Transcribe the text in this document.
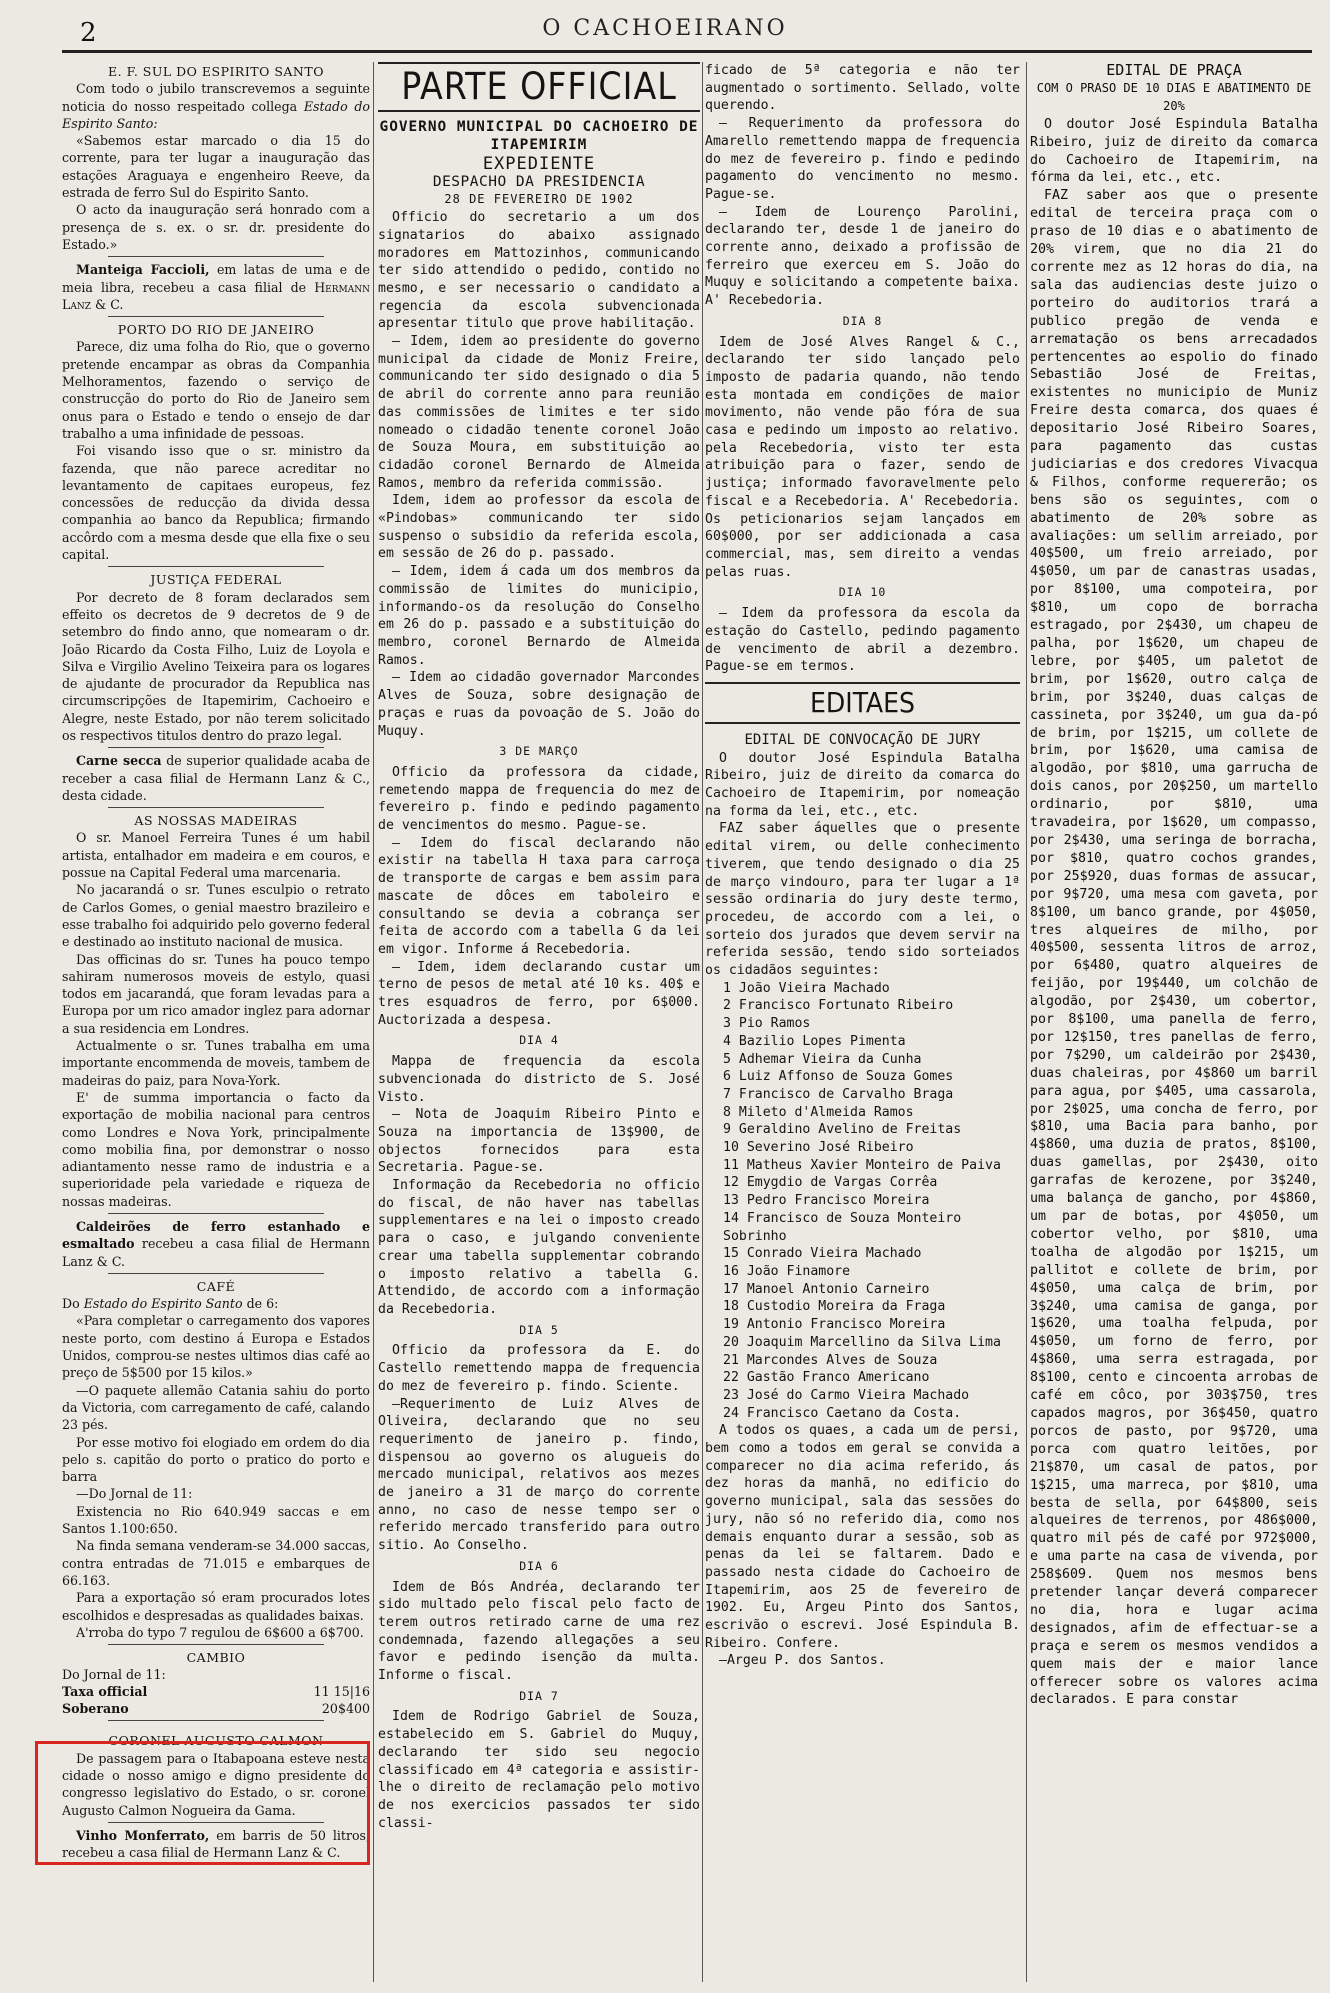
2	O CACHOEIRANO
E. F. SUL DO ESPIRITO SANTO
Com todo o jubilo transcrevemos a seguinte noticia do nosso respeitado collega Estado do Espirito Santo:
«Sabemos estar marcado o dia 15 do corrente, para ter lugar a inauguração das estações Araguaya e engenheiro Reeve, da estrada de ferro Sul do Espirito Santo.
O acto da inauguração será honrado com a presença de s. ex. o sr. dr. presidente do Estado.»
Manteiga Faccioli, em latas de uma e de meia libra, recebeu a casa filial de Hermann Lanz & C.
PORTO DO RIO DE JANEIRO
Parece, diz uma folha do Rio, que o governo pretende encampar as obras da Companhia Melhoramentos, fazendo o serviço de construcção do porto do Rio de Janeiro sem onus para o Estado e tendo o ensejo de dar trabalho a uma infinidade de pessoas.
Foi visando isso que o sr. ministro da fazenda, que não parece acreditar no levantamento de capitaes europeus, fez concessões de reducção da divida dessa companhia ao banco da Republica; firmando accôrdo com a mesma desde que ella fixe o seu capital.
JUSTIÇA FEDERAL
Por decreto de 8 foram declarados sem effeito os decretos de 9 decretos de 9 de setembro do findo anno, que nomearam o dr. João Ricardo da Costa Filho, Luiz de Loyola e Silva e Virgilio Avelino Teixeira para os logares de ajudante de procurador da Republica nas circumscripções de Itapemirim, Cachoeiro e Alegre, neste Estado, por não terem solicitado os respectivos titulos dentro do prazo legal.
Carne secca de superior qualidade acaba de receber a casa filial de Hermann Lanz & C., desta cidade.
AS NOSSAS MADEIRAS
O sr. Manoel Ferreira Tunes é um habil artista, entalhador em madeira e em couros, e possue na Capital Federal uma marcenaria.
No jacarandá o sr. Tunes esculpio o retrato de Carlos Gomes, o genial maestro brazileiro e esse trabalho foi adquirido pelo governo federal e destinado ao instituto nacional de musica.
Das officinas do sr. Tunes ha pouco tempo sahiram numerosos moveis de estylo, quasi todos em jacarandá, que foram levadas para a Europa por um rico amador inglez para adornar a sua residencia em Londres.
Actualmente o sr. Tunes trabalha em uma importante encommenda de moveis, tambem de madeiras do paiz, para Nova-York.
E' de summa importancia o facto da exportação de mobilia nacional para centros como Londres e Nova York, principalmente como mobilia fina, por demonstrar o nosso adiantamento nesse ramo de industria e a superioridade pela variedade e riqueza de nossas madeiras.
Caldeirões de ferro estanhado e esmaltado recebeu a casa filial de Hermann Lanz & C.
CAFÉ
Do Estado do Espirito Santo de 6:
«Para completar o carregamento dos vapores neste porto, com destino á Europa e Estados Unidos, comprou-se nestes ultimos dias café ao preço de 5$500 por 15 kilos.»
—O paquete allemão Catania sahiu do porto da Victoria, com carregamento de café, calando 23 pés.
Por esse motivo foi elogiado em ordem do dia pelo s. capitão do porto o pratico do porto e barra
—Do Jornal de 11:
Existencia no Rio 640.949 saccas e em Santos 1.100:650.
Na finda semana venderam-se 34.000 saccas, contra entradas de 71.015 e embarques de 66.163.
Para a exportação só eram procurados lotes escolhidos e despresadas as qualidades baixas.
A'rroba do typo 7 regulou de 6$600 a 6$700.
CAMBIO
Do Jornal de 11:
Taxa official	11 15|16
Soberano	20$400
CORONEL AUGUSTO CALMON
De passagem para o Itabapoana esteve nesta cidade o nosso amigo e digno presidente do congresso legislativo do Estado, o sr. coronel Augusto Calmon Nogueira da Gama.
Vinho Monferrato, em barris de 50 litros, recebeu a casa filial de Hermann Lanz & C.
PARTE OFFICIAL
GOVERNO MUNICIPAL DO CACHOEIRO DE ITAPEMIRIM
EXPEDIENTE
DESPACHO DA PRESIDENCIA
28 DE FEVEREIRO DE 1902
Officio do secretario a um dos signatarios do abaixo assignado moradores em Mattozinhos, communicando ter sido attendido o pedido, contido no mesmo, e ser necessario o candidato a regencia da escola subvencionada apresentar titulo que prove habilitação.
— Idem, idem ao presidente do governo municipal da cidade de Moniz Freire, communicando ter sido designado o dia 5 de abril do corrente anno para reunião das commissões de limites e ter sido nomeado o cidadão tenente coronel João de Souza Moura, em substituição ao cidadão coronel Bernardo de Almeida Ramos, membro da referida commissão.
Idem, idem ao professor da escola de «Pindobas» communicando ter sido suspenso o subsidio da referida escola, em sessão de 26 do p. passado.
— Idem, idem á cada um dos membros da commissão de limites do municipio, informando-os da resolução do Conselho em 26 do p. passado e a substituição do membro, coronel Bernardo de Almeida Ramos.
— Idem ao cidadão governador Marcondes Alves de Souza, sobre designação de praças e ruas da povoação de S. João do Muquy.
3 DE MARÇO
Officio da professora da cidade, remetendo mappa de frequencia do mez de fevereiro p. findo e pedindo pagamento de vencimentos do mesmo. Pague-se.
— Idem do fiscal declarando não existir na tabella H taxa para carroça de transporte de cargas e bem assim para mascate de dôces em taboleiro e consultando se devia a cobrança ser feita de accordo com a tabella G da lei em vigor. Informe á Recebedoria.
— Idem, idem declarando custar um terno de pesos de metal até 10 ks. 40$ e tres esquadros de ferro, por 6$000. Auctorizada a despesa.
DIA 4
Mappa de frequencia da escola subvencionada do districto de S. José Visto.
— Nota de Joaquim Ribeiro Pinto e Souza na importancia de 13$900, de objectos fornecidos para esta Secretaria. Pague-se.
Informação da Recebedoria no officio do fiscal, de não haver nas tabellas supplementares e na lei o imposto creado para o caso, e julgando conveniente crear uma tabella supplementar cobrando o imposto relativo a tabella G. Attendido, de accordo com a informação da Recebedoria.
DIA 5
Officio da professora da E. do Castello remettendo mappa de frequencia do mez de fevereiro p. findo. Sciente.
—Requerimento de Luiz Alves de Oliveira, declarando que no seu requerimento de janeiro p. findo, dispensou ao governo os alugueis do mercado municipal, relativos aos mezes de janeiro a 31 de março do corrente anno, no caso de nesse tempo ser o referido mercado transferido para outro sitio. Ao Conselho.
DIA 6
Idem de Bós Andréa, declarando ter sido multado pelo fiscal pelo facto de terem outros retirado carne de uma rez condemnada, fazendo allegações a seu favor e pedindo isenção da multa. Informe o fiscal.
DIA 7
Idem de Rodrigo Gabriel de Souza, estabelecido em S. Gabriel do Muquy, declarando ter sido seu negocio classificado em 4ª categoria e assistir-lhe o direito de reclamação pelo motivo de nos exercicios passados ter sido classi-
ficado de 5ª categoria e não ter augmentado o sortimento. Sellado, volte querendo.
— Requerimento da professora do Amarello remettendo mappa de frequencia do mez de fevereiro p. findo e pedindo pagamento do vencimento no mesmo. Pague-se.
— Idem de Lourenço Parolini, declarando ter, desde 1 de janeiro do corrente anno, deixado a profissão de ferreiro que exerceu em S. João do Muquy e solicitando a competente baixa. A' Recebedoria.
DIA 8
Idem de José Alves Rangel & C., declarando ter sido lançado pelo imposto de padaria quando, não tendo esta montada em condições de maior movimento, não vende pão fóra de sua casa e pedindo um imposto ao relativo. pela Recebedoria, visto ter esta atribuição para o fazer, sendo de justiça; informado favoravelmente pelo fiscal e a Recebedoria. A' Recebedoria. Os peticionarios sejam lançados em 60$000, por ser addicionada a casa commercial, mas, sem direito a vendas pelas ruas.
DIA 10
— Idem da professora da escola da estação do Castello, pedindo pagamento de vencimento de abril a dezembro. Pague-se em termos.
EDITAES
EDITAL DE CONVOCAÇÃO DE JURY
O doutor José Espindula Batalha Ribeiro, juiz de direito da comarca do Cachoeiro de Itapemirim, por nomeação na forma da lei, etc., etc.
FAZ saber áquelles que o presente edital virem, ou delle conhecimento tiverem, que tendo designado o dia 25 de março vindouro, para ter lugar a 1ª sessão ordinaria do jury deste termo, procedeu, de accordo com a lei, o sorteio dos jurados que devem servir na referida sessão, tendo sido sorteiados os cidadãos seguintes:
1 João Vieira Machado
2 Francisco Fortunato Ribeiro
3 Pio Ramos
4 Bazilio Lopes Pimenta
5 Adhemar Vieira da Cunha
6 Luiz Affonso de Souza Gomes
7 Francisco de Carvalho Braga
8 Mileto d'Almeida Ramos
9 Geraldino Avelino de Freitas
10 Severino José Ribeiro
11 Matheus Xavier Monteiro de Paiva
12 Emygdio de Vargas Corrêa
13 Pedro Francisco Moreira
14 Francisco de Souza Monteiro Sobrinho
15 Conrado Vieira Machado
16 João Finamore
17 Manoel Antonio Carneiro
18 Custodio Moreira da Fraga
19 Antonio Francisco Moreira
20 Joaquim Marcellino da Silva Lima
21 Marcondes Alves de Souza
22 Gastão Franco Americano
23 José do Carmo Vieira Machado
24 Francisco Caetano da Costa.
A todos os quaes, a cada um de persi, bem como a todos em geral se convida a comparecer no dia acima referido, ás dez horas da manhã, no edificio do governo municipal, sala das sessões do jury, não só no referido dia, como nos demais enquanto durar a sessão, sob as penas da lei se faltarem. Dado e passado nesta cidade do Cachoeiro de Itapemirim, aos 25 de fevereiro de 1902. Eu, Argeu Pinto dos Santos, escrivão o escrevi. José Espindula B. Ribeiro. Confere.
—Argeu P. dos Santos.
EDITAL DE PRAÇA
COM O PRASO DE 10 DIAS E ABATIMENTO DE 20%
O doutor José Espindula Batalha Ribeiro, juiz de direito da comarca do Cachoeiro de Itapemirim, na fórma da lei, etc., etc.
FAZ saber aos que o presente edital de terceira praça com o praso de 10 dias e o abatimento de 20% virem, que no dia 21 do corrente mez as 12 horas do dia, na sala das audiencias deste juizo o porteiro do auditorios trará a publico pregão de venda e arrematação os bens arrecadados pertencentes ao espolio do finado Sebastião José de Freitas, existentes no municipio de Muniz Freire desta comarca, dos quaes é depositario José Ribeiro Soares, para pagamento das custas judiciarias e dos credores Vivacqua & Filhos, conforme requererão; os bens são os seguintes, com o abatimento de 20% sobre as avaliações: um sellim arreiado, por 40$500, um freio arreiado, por 4$050, um par de canastras usadas, por 8$100, uma compoteira, por $810, um copo de borracha estragado, por 2$430, um chapeu de palha, por 1$620, um chapeu de lebre, por $405, um paletot de brim, por 1$620, outro calça de brim, por 3$240, duas calças de cassineta, por 3$240, um gua da-pó de brim, por 1$215, um collete de brim, por 1$620, uma camisa de algodão, por $810, uma garrucha de dois canos, por 20$250, um martello ordinario, por $810, uma travadeira, por 1$620, um compasso, por 2$430, uma seringa de borracha, por $810, quatro cochos grandes, por 25$920, duas formas de assucar, por 9$720, uma mesa com gaveta, por 8$100, um banco grande, por 4$050, tres alqueires de milho, por 40$500, sessenta litros de arroz, por 6$480, quatro alqueires de feijão, por 19$440, um colchão de algodão, por 2$430, um cobertor, por 8$100, uma panella de ferro, por 12$150, tres panellas de ferro, por 7$290, um caldeirão por 2$430, duas chaleiras, por 4$860 um barril para agua, por $405, uma cassarola, por 2$025, uma concha de ferro, por $810, uma Bacia para banho, por 4$860, uma duzia de pratos, 8$100, duas gamellas, por 2$430, oito garrafas de kerozene, por 3$240, uma balança de gancho, por 4$860, um par de botas, por 4$050, um cobertor velho, por $810, uma toalha de algodão por 1$215, um pallitot e collete de brim, por 4$050, uma calça de brim, por 3$240, uma camisa de ganga, por 1$620, uma toalha felpuda, por 4$050, um forno de ferro, por 4$860, uma serra estragada, por 8$100, cento e cincoenta arrobas de café em côco, por 303$750, tres capados magros, por 36$450, quatro porcos de pasto, por 9$720, uma porca com quatro leitões, por 21$870, um casal de patos, por 1$215, uma marreca, por $810, uma besta de sella, por 64$800, seis alqueires de terrenos, por 486$000, quatro mil pés de café por 972$000, e uma parte na casa de vivenda, por 258$609. Quem nos mesmos bens pretender lançar deverá comparecer no dia, hora e lugar acima designados, afim de effectuar-se a praça e serem os mesmos vendidos a quem mais der e maior lance offerecer sobre os valores acima declarados. E para constar
